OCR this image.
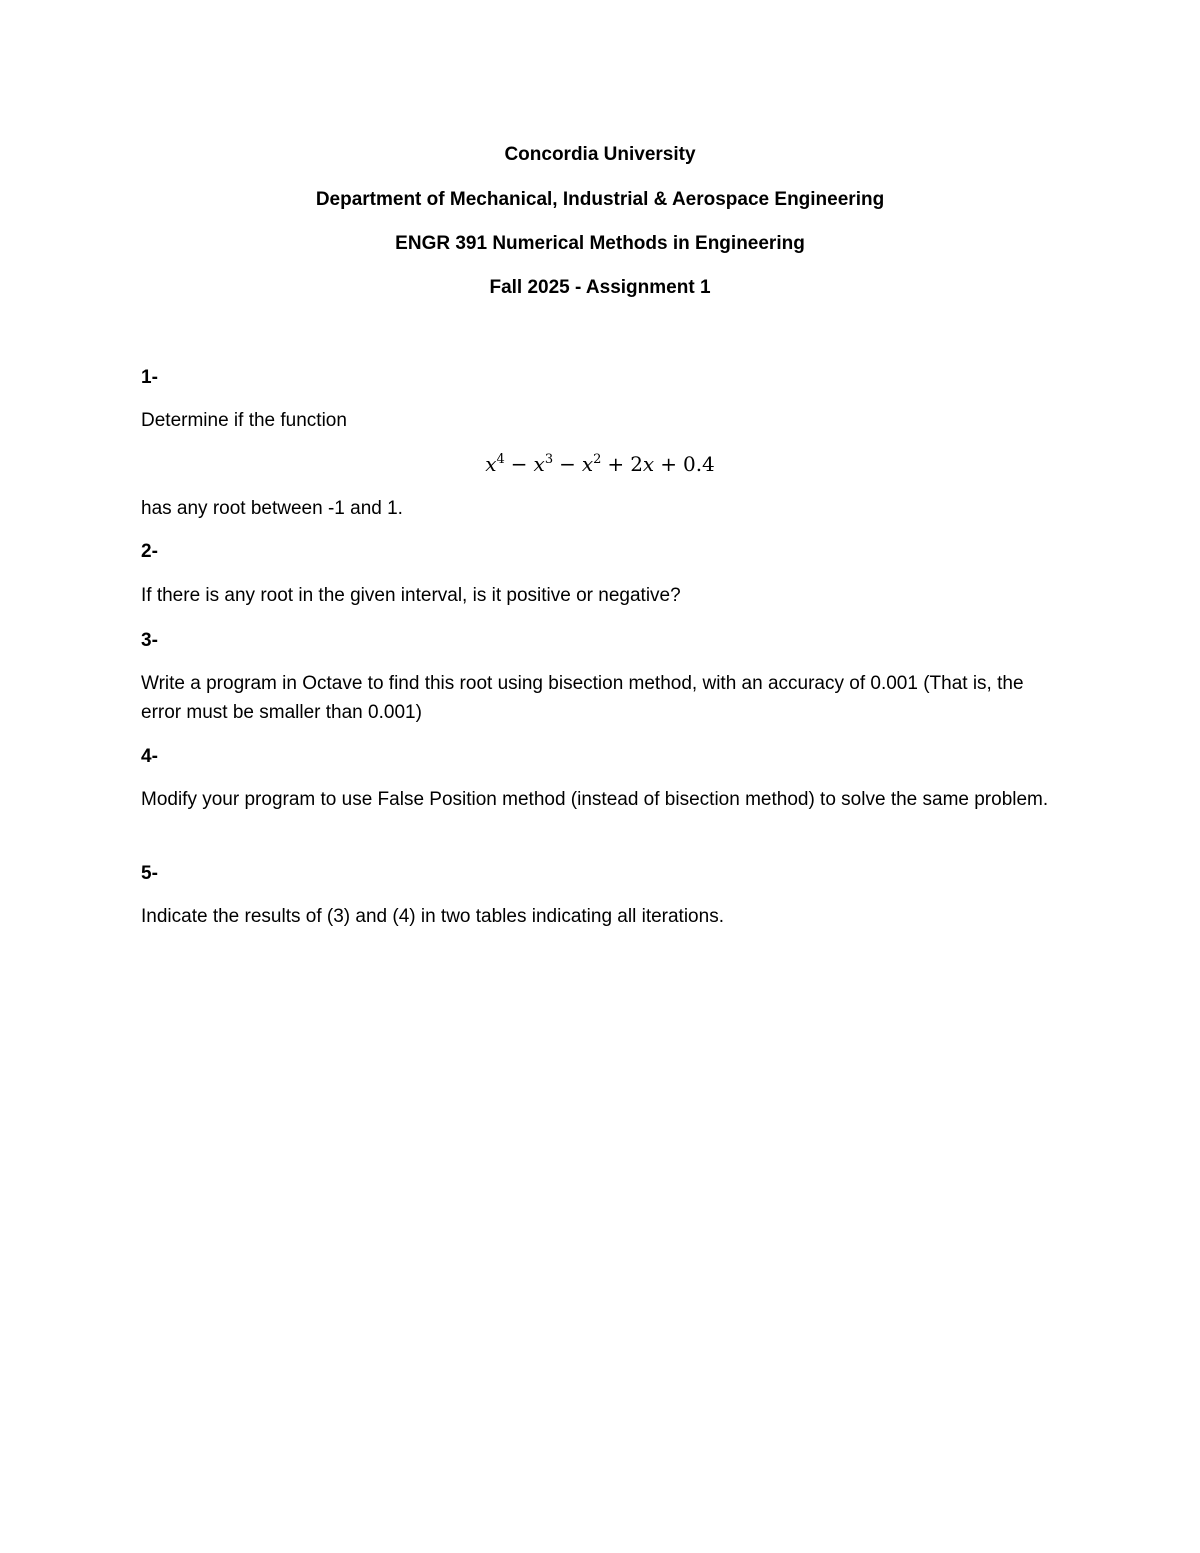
Concordia University
Department of Mechanical, Industrial & Aerospace Engineering
ENGR 391 Numerical Methods in Engineering
Fall 2025 - Assignment 1
1-
Determine if the function
$x^4 - x^3 - x^2 + 2x + 0.4$
has any root between -1 and 1.
2-
If there is any root in the given interval, is it positive or negative?
3-
Write a program in Octave to find this root using bisection method, with an accuracy of 0.001 (That is, the error must be smaller than 0.001)
4-
Modify your program to use False Position method (instead of bisection method) to solve the same problem.
5-
Indicate the results of (3) and (4) in two tables indicating all iterations.
